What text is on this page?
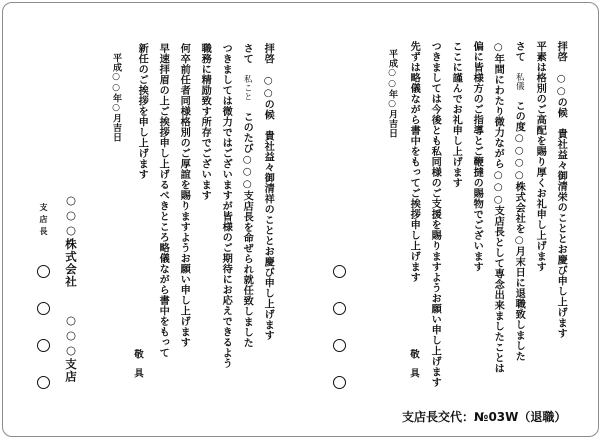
拝啓　○○の候　貴社益々御清栄のこととお慶び申し上げます
平素は格別のご高配を賜り厚くお礼申し上げます
さて　私儀　この度○○○○株式会社を○月末日に退職致しました
○年間にわたり微力ながら○○○支店長として専念出来ましたことは
偏に皆様方のご指導とご鞭撻の賜物でございます
ここに謹んでお礼申し上げます
つきましては今後とも私同様のご支援を賜りますようお願い申し上げます
先ずは略儀ながら書中をもってご挨拶申し上げます
平成○○年○月吉日
敬　具
拝啓　○○の候　貴社益々御清祥のこととお慶び申し上げます
さて　私こと　このたび○○○支店長を命ぜられ就任致しました
つきましては微力ではございますが皆様のご期待にお応えできるよう
職務に精励致す所存でございます
何卒前任者同様格別のご厚誼を賜りますようお願い申し上げます
早速拝眉の上ご挨拶申し上げるべきところ略儀ながら書中をもって
新任のご挨拶を申し上げます
平成○○年○月吉日
敬　具
○○○株式会社
○○○支店
支店長
支店長交代：№03W（退職）
